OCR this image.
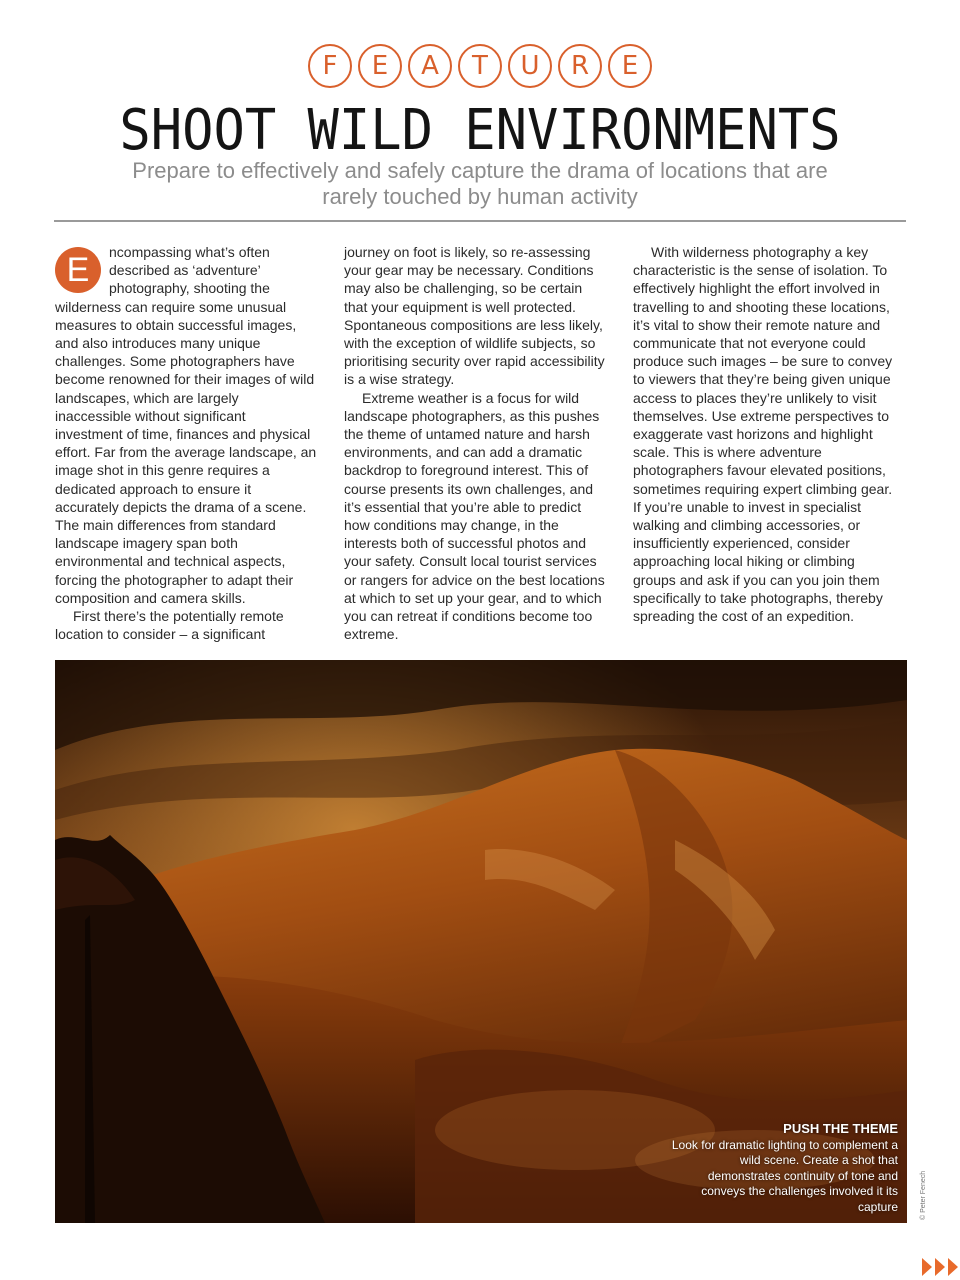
F	E	A	T	U	R	E
SHOOT WILD ENVIRONMENTS

Prepare to effectively and safely capture the drama of locations that are rarely touched by human activity

E	ncompassing what’s often described as ‘adventure’ photography, shooting the wilderness can require some unusual measures to obtain successful images, and also introduces many unique challenges. Some photographers have become renowned for their images of wild landscapes, which are largely inaccessible without significant investment of time, finances and physical effort. Far from the average landscape, an image shot in this genre requires a dedicated approach to ensure it accurately depicts the drama of a scene. The main differences from standard landscape imagery span both environmental and technical aspects, forcing the photographer to adapt their composition and camera skills.

First there’s the potentially remote location to consider – a significant

journey on foot is likely, so re-assessing your gear may be necessary. Conditions may also be challenging, so be certain that your equipment is well protected. Spontaneous compositions are less likely, with the exception of wildlife subjects, so prioritising security over rapid accessibility is a wise strategy.

Extreme weather is a focus for wild landscape photographers, as this pushes the theme of untamed nature and harsh environments, and can add a dramatic backdrop to foreground interest. This of course presents its own challenges, and it’s essential that you’re able to predict how conditions may change, in the interests both of successful photos and your safety. Consult local tourist services or rangers for advice on the best locations at which to set up your gear, and to which you can retreat if conditions become too extreme.

With wilderness photography a key characteristic is the sense of isolation. To effectively highlight the effort involved in travelling to and shooting these locations, it’s vital to show their remote nature and communicate that not everyone could produce such images – be sure to convey to viewers that they’re being given unique access to places they’re unlikely to visit themselves. Use extreme perspectives to exaggerate vast horizons and highlight scale. This is where adventure photographers favour elevated positions, sometimes requiring expert climbing gear. If you’re unable to invest in specialist walking and climbing accessories, or insufficiently experienced, consider approaching local hiking or climbing groups and ask if you can you join them specifically to take photographs, thereby spreading the cost of an expedition.

PUSH THE THEME
Look for dramatic lighting to complement a wild scene. Create a shot that demonstrates continuity of tone and conveys the challenges involved it its capture	© Peter Fenech
